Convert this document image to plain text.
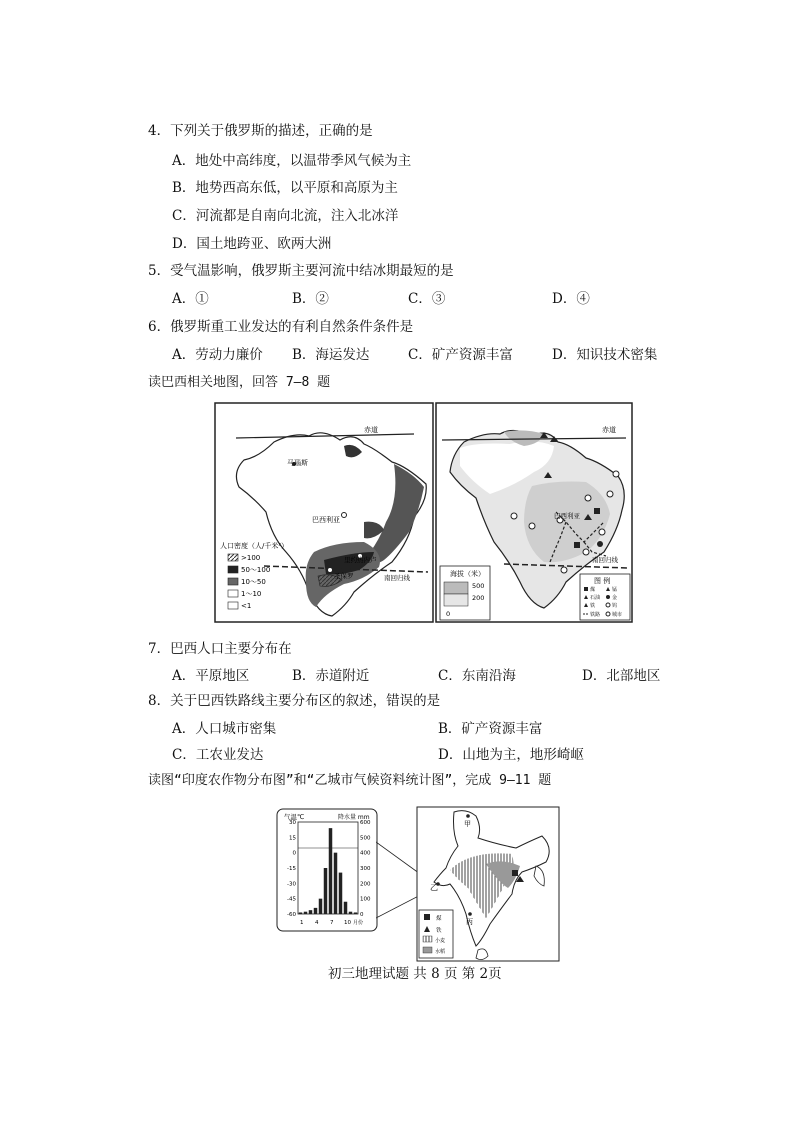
4．下列关于俄罗斯的描述，正确的是
A．地处中高纬度，以温带季风气候为主
B．地势西高东低，以平原和高原为主
C．河流都是自南向北流，注入北冰洋
D．国土地跨亚、欧两大洲
5．受气温影响，俄罗斯主要河流中结冰期最短的是
A．①	B．②	C．③	D．④
6．俄罗斯重工业发达的有利自然条件条件是
A．劳动力廉价 B．海运发达	C．矿产资源丰富	D．知识技术密集
读巴西相关地图，回答 7—8 题
赤道
马瑙斯
巴西利亚
里约热内卢
圣保罗	南回归线
人口密度（人/千米²）
>100
50～100
10～50
1～10
<1
赤道
巴西利亚
南回归线
海拔（米）
500
200
0
图 例
煤	锰
石油 金
铁	钨
铁路 城市
7．巴西人口主要分布在
A．平原地区	B．赤道附近	C．东南沿海	D．北部地区
8．关于巴西铁路线主要分布区的叙述，错误的是
A．人口城市密集	B．矿产资源丰富
C．工农业发达	D．山地为主，地形崎岖
读图“印度农作物分布图”和“乙城市气候资料统计图”，完成 9—11 题
气温℃	降水量 mm
30
15
0
-15
-30
-45
-60
600
500
400
300
200
100
0
1 4 7 10 月份
乙
甲
丙
煤
铁
小麦
水稻
初三地理试题 共 8 页 第 2页
